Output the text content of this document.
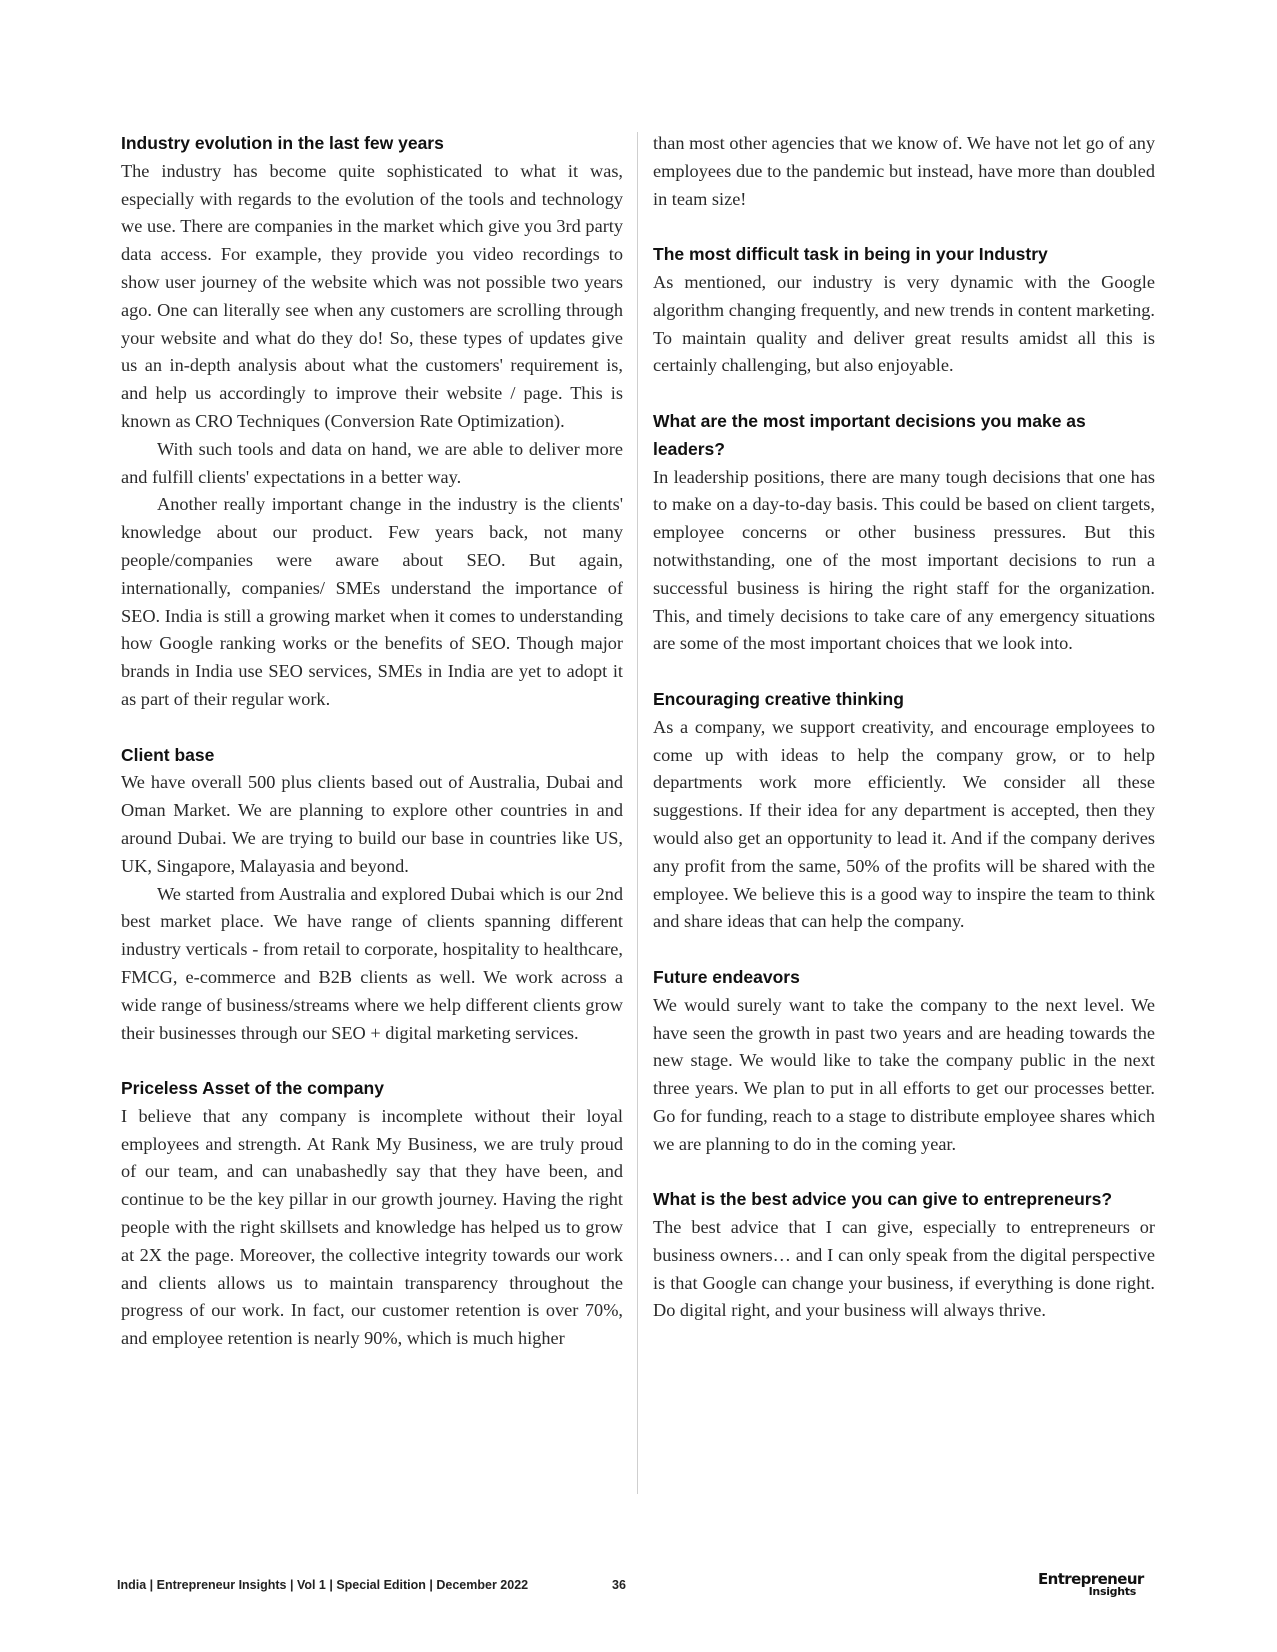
Industry evolution in the last few years

The industry has become quite sophisticated to what it was, especially with regards to the evolution of the tools and technology we use. There are companies in the market which give you 3rd party data access. For example, they provide you video recordings to show user journey of the website which was not possible two years ago. One can literally see when any customers are scrolling through your website and what do they do! So, these types of updates give us an in-depth analysis about what the customers' requirement is, and help us accordingly to improve their website / page. This is known as CRO Techniques (Conversion Rate Optimization).

With such tools and data on hand, we are able to deliver more and fulfill clients' expectations in a better way.

Another really important change in the industry is the clients' knowledge about our product. Few years back, not many people/companies were aware about SEO. But again, internationally, companies/ SMEs understand the importance of SEO. India is still a growing market when it comes to understanding how Google ranking works or the benefits of SEO. Though major brands in India use SEO services, SMEs in India are yet to adopt it as part of their regular work.

Client base

We have overall 500 plus clients based out of Australia, Dubai and Oman Market. We are planning to explore other countries in and around Dubai. We are trying to build our base in countries like US, UK, Singapore, Malayasia and beyond.

We started from Australia and explored Dubai which is our 2nd best market place. We have range of clients spanning different industry verticals - from retail to corporate, hospitality to healthcare, FMCG, e-commerce and B2B clients as well. We work across a wide range of business/streams where we help different clients grow their businesses through our SEO + digital marketing services.

Priceless Asset of the company

I believe that any company is incomplete without their loyal employees and strength. At Rank My Business, we are truly proud of our team, and can unabashedly say that they have been, and continue to be the key pillar in our growth journey. Having the right people with the right skillsets and knowledge has helped us to grow at 2X the page. Moreover, the collective integrity towards our work and clients allows us to maintain transparency throughout the progress of our work. In fact, our customer retention is over 70%, and employee retention is nearly 90%, which is much higher

than most other agencies that we know of. We have not let go of any employees due to the pandemic but instead, have more than doubled in team size!

The most difficult task in being in your Industry

As mentioned, our industry is very dynamic with the Google algorithm changing frequently, and new trends in content marketing. To maintain quality and deliver great results amidst all this is certainly challenging, but also enjoyable.

What are the most important decisions you make as leaders?

In leadership positions, there are many tough decisions that one has to make on a day-to-day basis. This could be based on client targets, employee concerns or other business pressures. But this notwithstanding, one of the most important decisions to run a successful business is hiring the right staff for the organization. This, and timely decisions to take care of any emergency situations are some of the most important choices that we look into.

Encouraging creative thinking

As a company, we support creativity, and encourage employees to come up with ideas to help the company grow, or to help departments work more efficiently. We consider all these suggestions. If their idea for any department is accepted, then they would also get an opportunity to lead it. And if the company derives any profit from the same, 50% of the profits will be shared with the employee. We believe this is a good way to inspire the team to think and share ideas that can help the company.

Future endeavors

We would surely want to take the company to the next level. We have seen the growth in past two years and are heading towards the new stage. We would like to take the company public in the next three years. We plan to put in all efforts to get our processes better. Go for funding, reach to a stage to distribute employee shares which we are planning to do in the coming year.

What is the best advice you can give to entrepreneurs?

The best advice that I can give, especially to entrepreneurs or business owners… and I can only speak from the digital perspective is that Google can change your business, if everything is done right. Do digital right, and your business will always thrive.

India | Entrepreneur Insights | Vol 1 | Special Edition | December 2022	36	Entrepreneur
Insights
